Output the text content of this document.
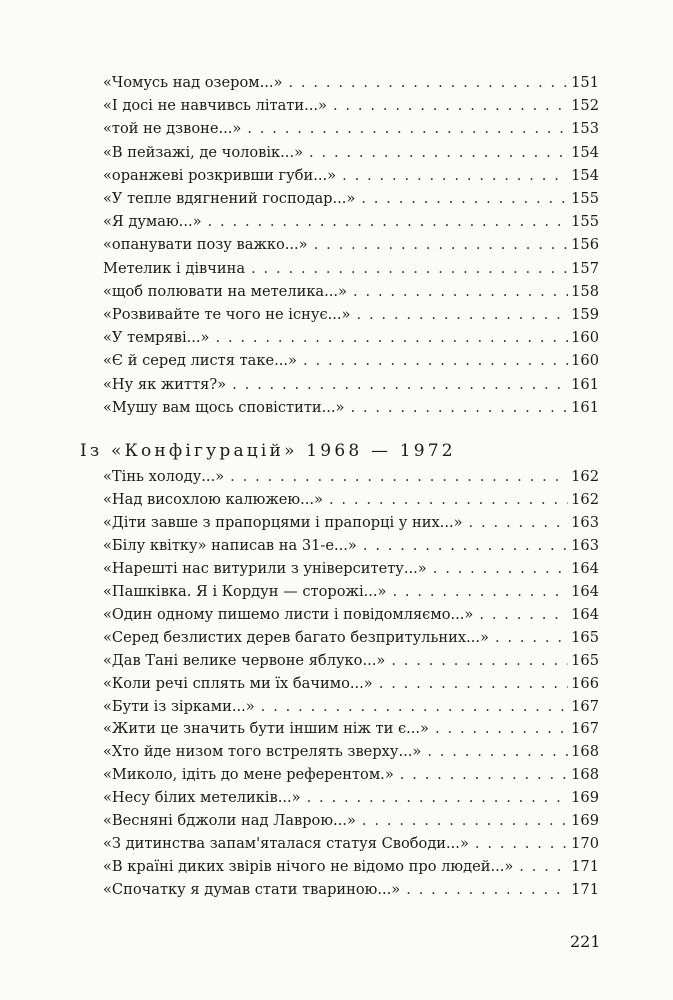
«Чомусь над озером...» . . .	151
«І досі не навчивсь літати...» . . .	152
«той не дзвоне...» . . .	153
«В пейзажі, де чоловік...» . . .	154
«оранжеві розкривши губи...» . . .	154
«У теплe вдягнений господар...» . . .	155
«Я думаю...» . . .	155
«опанувати позу важко...» . . .	156
Метелик і дівчина . . .	157
«щоб полювати на метелика...» . . .	158
«Розвивайте те чого не існує...» . . .	159
«У темряві...» . . .	160
«Є й серед листя таке...» . . .	160
«Ну як життя?» . . .	161
«Мушу вам щось сповістити...» . . .	161
Із «Конфігурацій» 1968 — 1972
«Тінь холоду...» . . .	162
«Над висохлою калюжею...» . . .	162
«Діти завше з прапорцями і прапорці у них...» . . .	163
«Білу квітку» написав на 31-е...» . . .	163
«Нарешті нас витурили з університету...» . . .	164
«Пашківка. Я і Кордун — сторожі...» . . .	164
«Один одному пишемо листи і повідомляємо...» . . .	164
«Серед безлистих дерев багато безпритульних...» . . .	165
«Дав Тані велике червоне яблуко...» . . .	165
«Коли речі сплять ми їх бачимо...» . . .	166
«Бути із зірками...» . . .	167
«Жити це значить бути іншим ніж ти є...» . . .	167
«Хто йде низом того встрелять зверху...» . . .	168
«Миколо, ідіть до мене референтом.» . . .	168
«Несу білих метеликів...» . . .	169
«Весняні бджоли над Лаврою...» . . .	169
«З дитинства запам'яталася статуя Свободи...» . . .	170
«В країні диких звірів нічого не відомо про людей...» . . .	171
«Спочатку я думав стати твариною...» . . .	171
221
